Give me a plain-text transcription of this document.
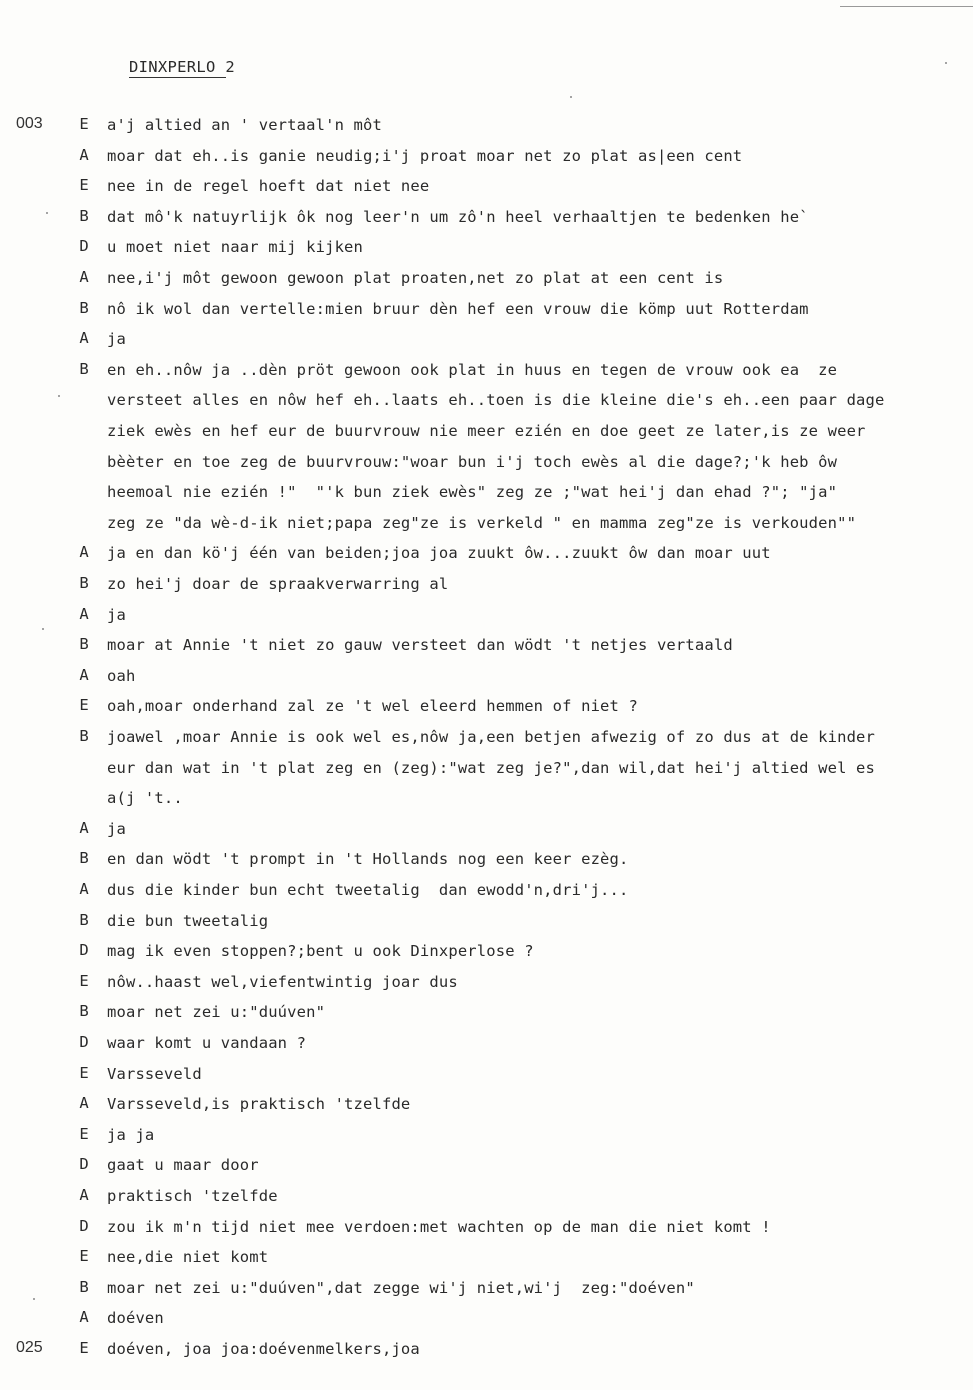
DINXPERLO 2
003 E a'j altied an ' vertaal'n môt
A moar dat eh..is ganie neudig;i'j proat moar net zo plat as|een cent
E nee in de regel hoeft dat niet nee
B dat mô'k natuyrlijk ôk nog leer'n um zô'n heel verhaaltjen te bedenken he`
D u moet niet naar mij kijken
A nee,i'j môt gewoon gewoon plat proaten,net zo plat at een cent is
B nô ik wol dan vertelle:mien bruur dèn hef een vrouw die kömp uut Rotterdam
A ja
B en eh..nôw ja ..dèn pröt gewoon ook plat in huus en tegen de vrouw ook ea  ze
versteet alles en nôw hef eh..laats eh..toen is die kleine die's eh..een paar dage
ziek ewès en hef eur de buurvrouw nie meer ezién en doe geet ze later,is ze weer
bèèter en toe zeg de buurvrouw:"woar bun i'j toch ewès al die dage?;'k heb ôw
heemoal nie ezién !"  "'k bun ziek ewès" zeg ze ;"wat hei'j dan ehad ?"; "ja"
zeg ze "da wè-d-ik niet;papa zeg"ze is verkeld " en mamma zeg"ze is verkouden""
A ja en dan kö'j één van beiden;joa joa zuukt ôw...zuukt ôw dan moar uut
B zo hei'j doar de spraakverwarring al
A ja
B moar at Annie 't niet zo gauw versteet dan wödt 't netjes vertaald
A oah
E oah,moar onderhand zal ze 't wel eleerd hemmen of niet ?
B joawel ,moar Annie is ook wel es,nôw ja,een betjen afwezig of zo dus at de kinder
eur dan wat in 't plat zeg en (zeg):"wat zeg je?",dan wil,dat hei'j altied wel es
a(j 't..
A ja
B en dan wödt 't prompt in 't Hollands nog een keer ezèg.
A dus die kinder bun echt tweetalig  dan ewodd'n,dri'j...
B die bun tweetalig
D mag ik even stoppen?;bent u ook Dinxperlose ?
E nôw..haast wel,viefentwintig joar dus
B moar net zei u:"duúven"
D waar komt u vandaan ?
E Varsseveld
A Varsseveld,is praktisch 'tzelfde
E ja ja
D gaat u maar door
A praktisch 'tzelfde
D zou ik m'n tijd niet mee verdoen:met wachten op de man die niet komt !
E nee,die niet komt
B moar net zei u:"duúven",dat zegge wi'j niet,wi'j  zeg:"doéven"
A doéven
025 E doéven, joa joa:doévenmelkers,joa
